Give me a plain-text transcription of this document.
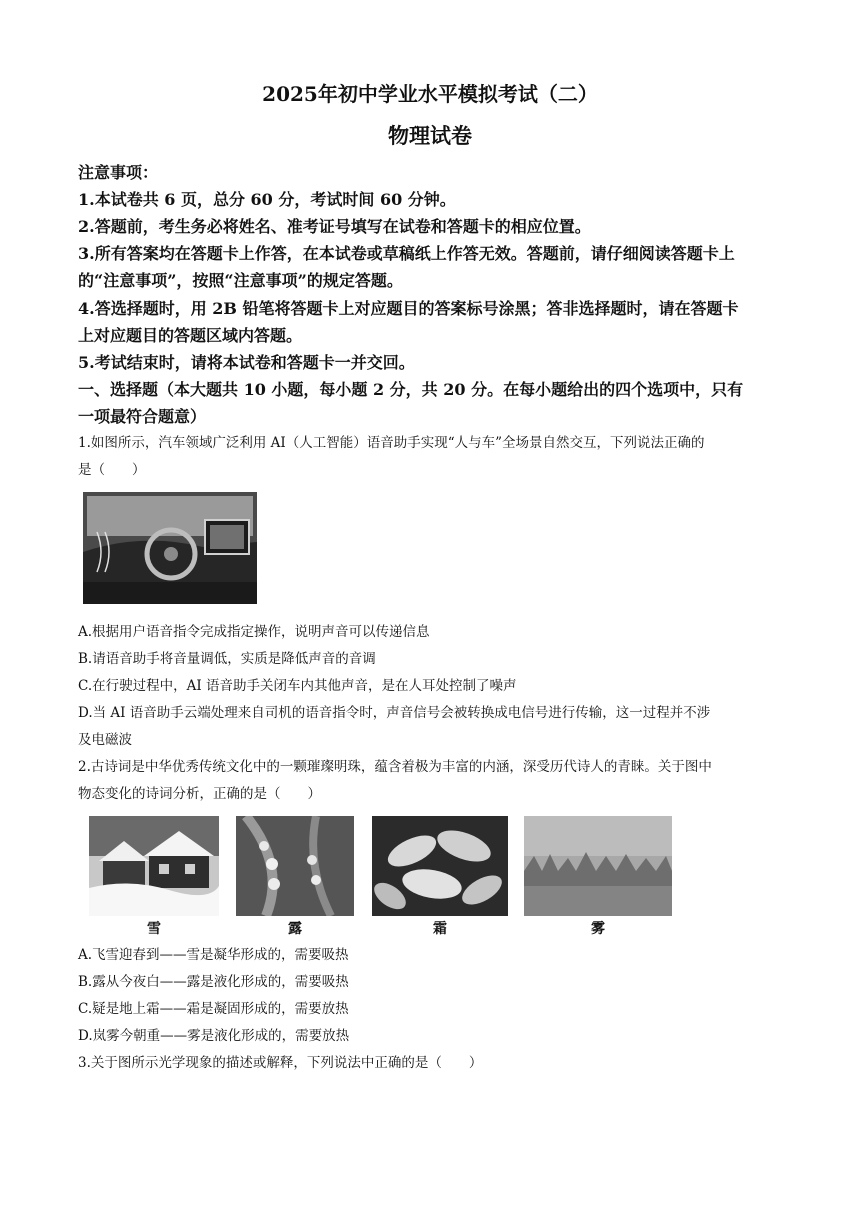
2025年初中学业水平模拟考试（二）
物理试卷
注意事项：
1.本试卷共 6 页，总分 60 分，考试时间 60 分钟。
2.答题前，考生务必将姓名、准考证号填写在试卷和答题卡的相应位置。
3.所有答案均在答题卡上作答，在本试卷或草稿纸上作答无效。答题前，请仔细阅读答题卡上
的“注意事项”，按照“注意事项”的规定答题。
4.答选择题时，用 2B 铅笔将答题卡上对应题目的答案标号涂黑；答非选择题时，请在答题卡
上对应题目的答题区域内答题。
5.考试结束时，请将本试卷和答题卡一并交回。
一、选择题（本大题共 10 小题，每小题 2 分，共 20 分。在每小题给出的四个选项中，只有
一项最符合题意）
1.如图所示，汽车领域广泛利用 AI（人工智能）语音助手实现“人与车”全场景自然交互，下列说法正确的
是（　　）
A.根据用户语音指令完成指定操作，说明声音可以传递信息
B.请语音助手将音量调低，实质是降低声音的音调
C.在行驶过程中，AI 语音助手关闭车内其他声音，是在人耳处控制了噪声
D.当 AI 语音助手云端处理来自司机的语音指令时，声音信号会被转换成电信号进行传输，这一过程并不涉
及电磁波
2.古诗词是中华优秀传统文化中的一颗璀璨明珠，蕴含着极为丰富的内涵，深受历代诗人的青睐。关于图中
物态变化的诗词分析，正确的是（　　）
雪	露	霜	雾
A.飞雪迎春到——雪是凝华形成的，需要吸热
B.露从今夜白——露是液化形成的，需要吸热
C.疑是地上霜——霜是凝固形成的，需要放热
D.岚雾今朝重——雾是液化形成的，需要放热
3.关于图所示光学现象的描述或解释，下列说法中正确的是（　　）
